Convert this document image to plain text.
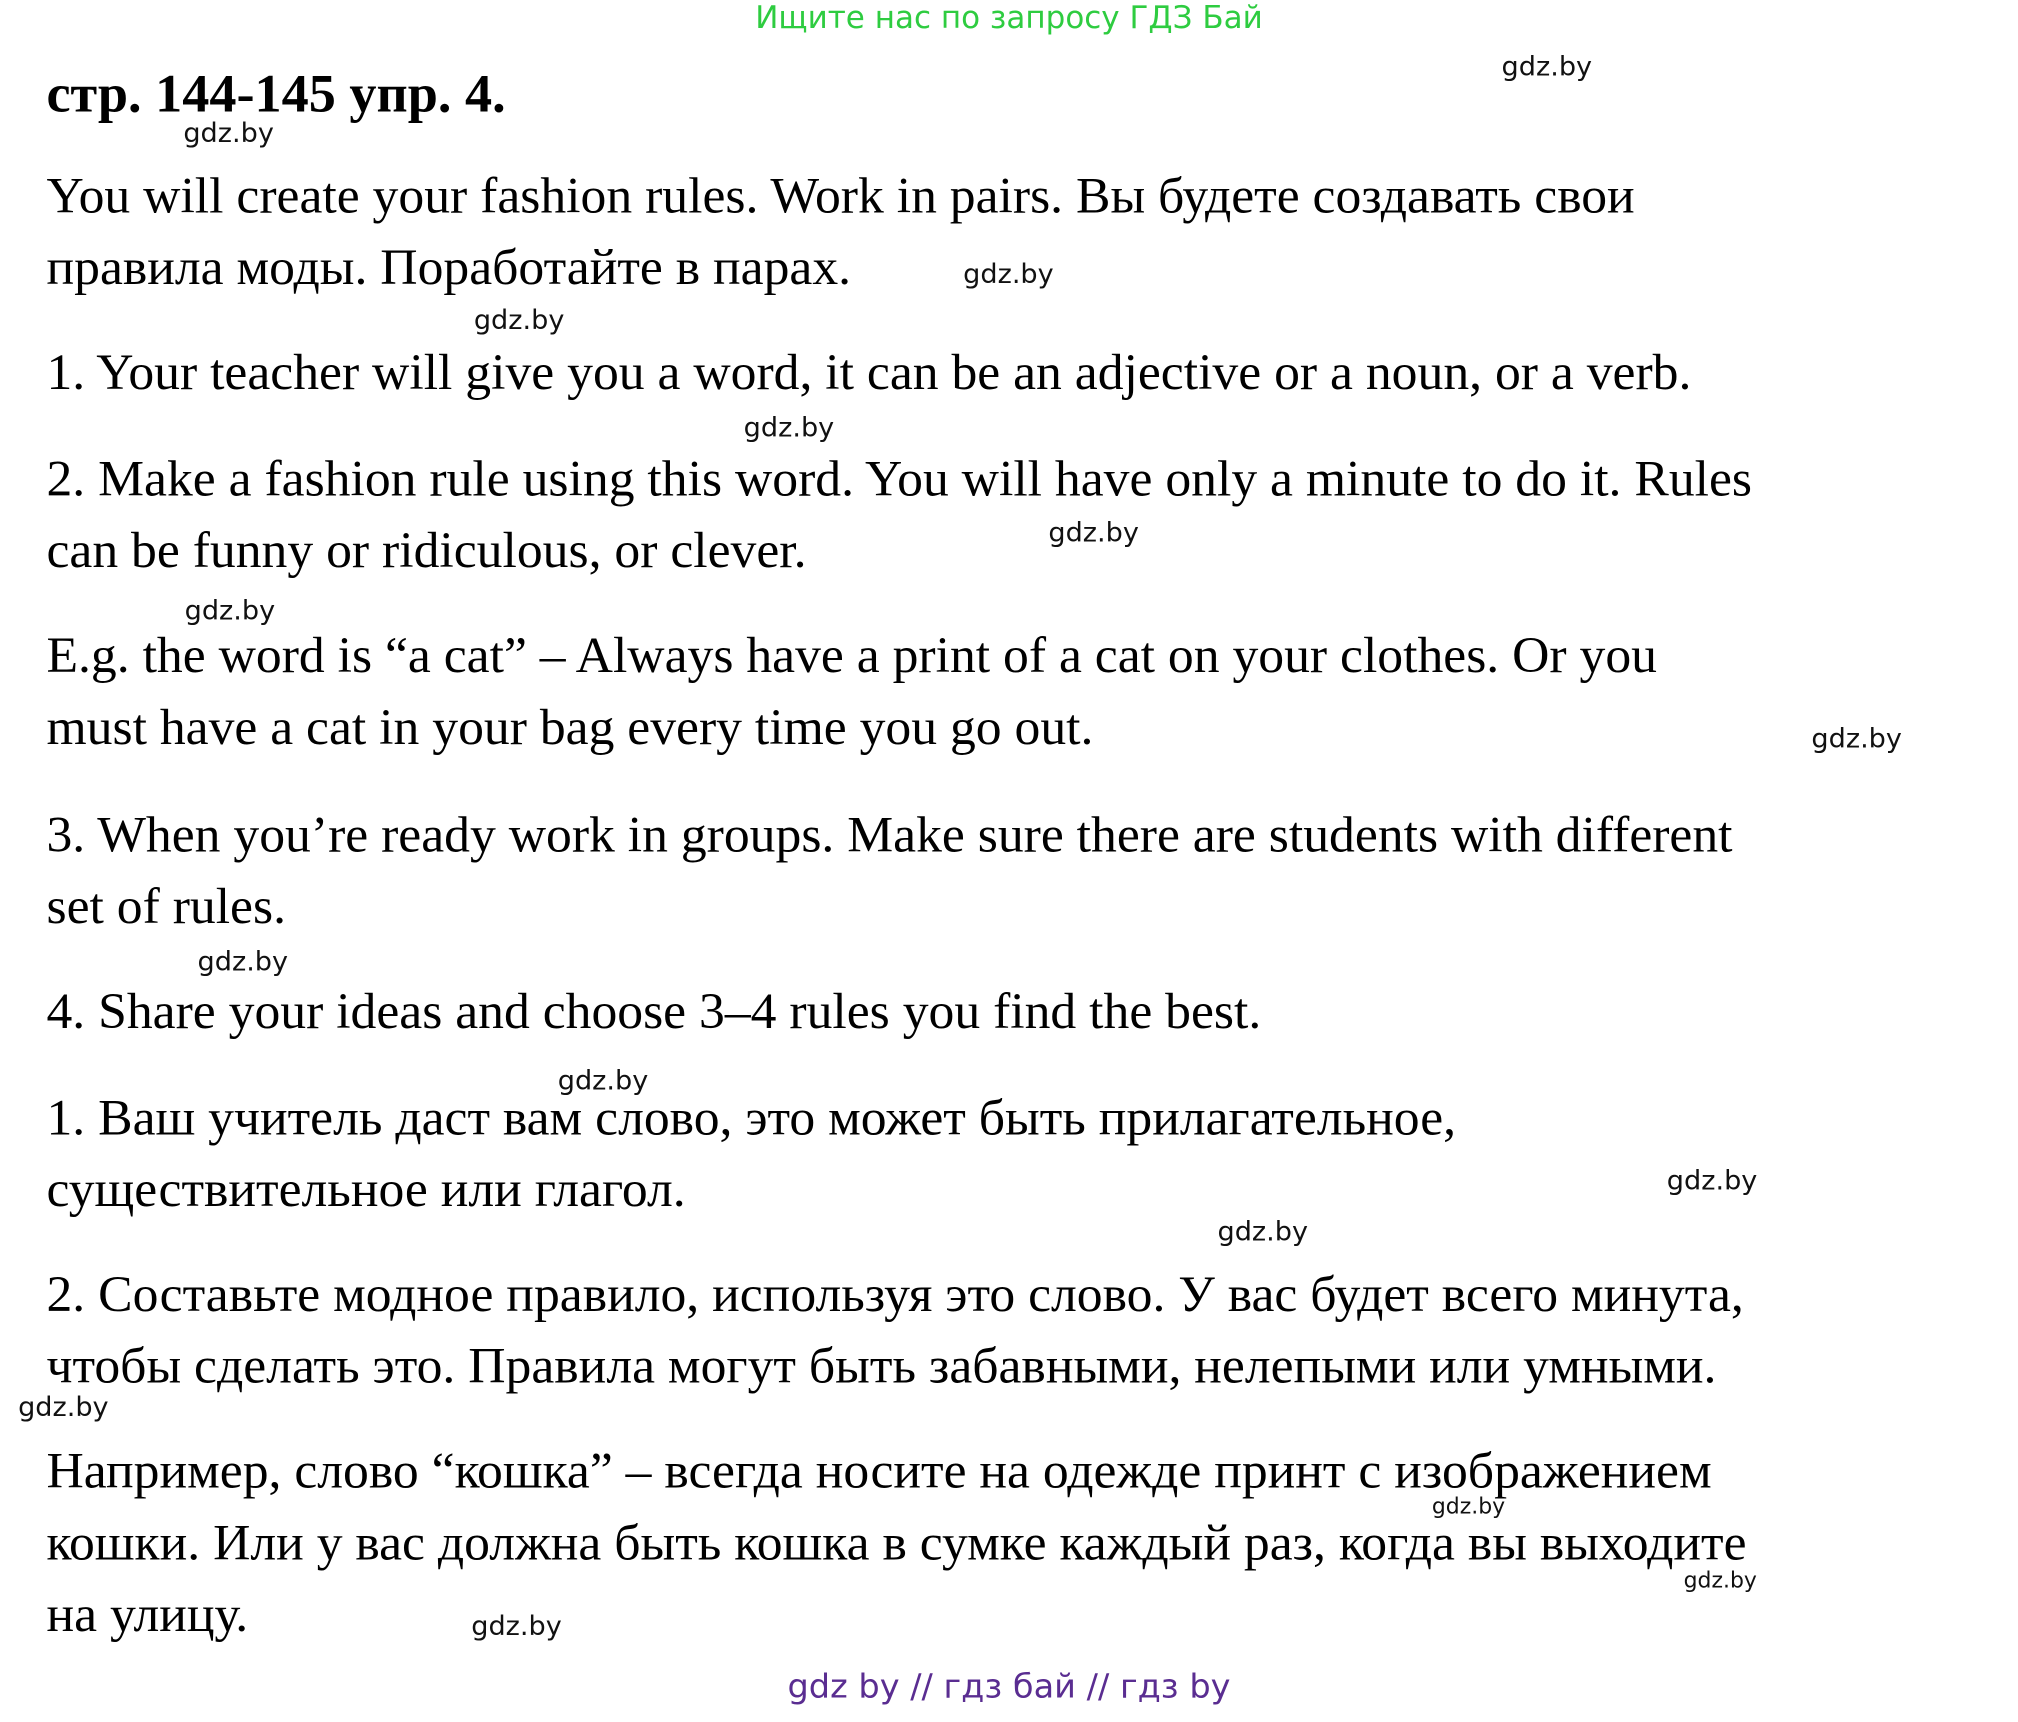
Ищите нас по запросу ГДЗ Бай
стр. 144-145 упр. 4.
You will create your fashion rules. Work in pairs. Вы будете создавать свои
правила моды. Поработайте в парах.
1. Your teacher will give you a word, it can be an adjective or a noun, or a verb.
2. Make a fashion rule using this word. You will have only a minute to do it. Rules
can be funny or ridiculous, or clever.
E.g. the word is “a cat” – Always have a print of a cat on your clothes. Or you
must have a cat in your bag every time you go out.
3. When you’re ready work in groups. Make sure there are students with different
set of rules.
4. Share your ideas and choose 3–4 rules you find the best.
1. Ваш учитель даст вам слово, это может быть прилагательное,
существительное или глагол.
2. Составьте модное правило, используя это слово. У вас будет всего минута,
чтобы сделать это. Правила могут быть забавными, нелепыми или умными.
Например, слово “кошка” – всегда носите на одежде принт с изображением
кошки. Или у вас должна быть кошка в сумке каждый раз, когда вы выходите
на улицу.
gdz.by
gdz.by
gdz.by
gdz.by
gdz.by
gdz.by
gdz.by
gdz.by
gdz.by
gdz.by
gdz.by
gdz.by
gdz.by
gdz.by
gdz.by
gdz.by
gdz by // гдз бай // гдз by
